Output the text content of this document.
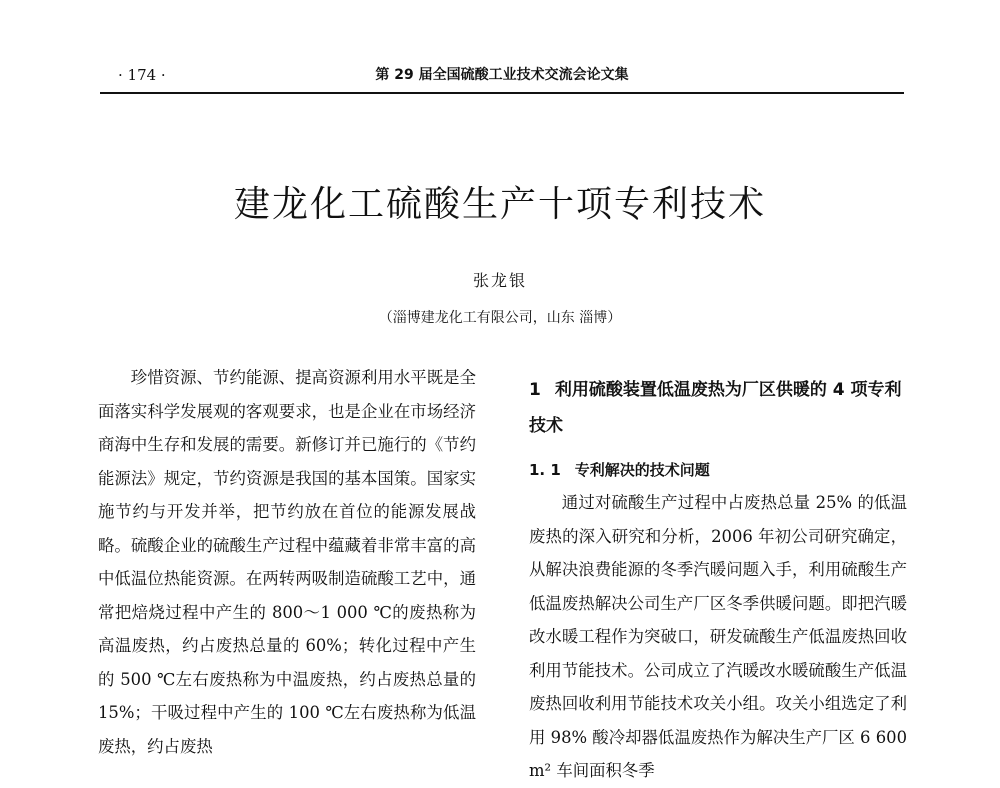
· 174 ·	第 29 届全国硫酸工业技术交流会论文集
建龙化工硫酸生产十项专利技术
张龙银
（淄博建龙化工有限公司，山东 淄博）

珍惜资源、节约能源、提高资源利用水平既是全面落实科学发展观的客观要求，也是企业在市场经济商海中生存和发展的需要。新修订并已施行的《节约能源法》规定，节约资源是我国的基本国策。国家实施节约与开发并举，把节约放在首位的能源发展战略。硫酸企业的硫酸生产过程中蕴藏着非常丰富的高中低温位热能资源。在两转两吸制造硫酸工艺中，通常把焙烧过程中产生的 800～1 000 ℃的废热称为高温废热，约占废热总量的 60%；转化过程中产生的 500 ℃左右废热称为中温废热，约占废热总量的 15%；干吸过程中产生的 100 ℃左右废热称为低温废热，约占废热

1 利用硫酸装置低温废热为厂区供暖的 4 项专利技术
1. 1 专利解决的技术问题

通过对硫酸生产过程中占废热总量 25% 的低温废热的深入研究和分析，2006 年初公司研究确定，从解决浪费能源的冬季汽暖问题入手，利用硫酸生产低温废热解决公司生产厂区冬季供暖问题。即把汽暖改水暖工程作为突破口，研发硫酸生产低温废热回收利用节能技术。公司成立了汽暖改水暖硫酸生产低温废热回收利用节能技术攻关小组。攻关小组选定了利用 98% 酸冷却器低温废热作为解决生产厂区 6 600 m² 车间面积冬季
